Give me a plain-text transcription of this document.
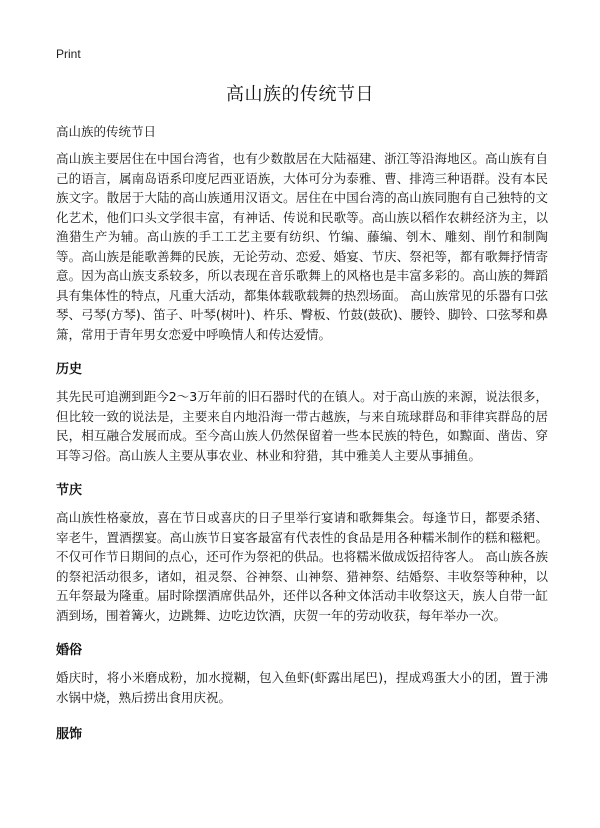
Print
高山族的传统节日
高山族的传统节日

高山族主要居住在中国台湾省，也有少数散居在大陆福建、浙江等沿海地区。高山族有自己的语言，属南岛语系印度尼西亚语族，大体可分为泰雅、曹、排湾三种语群。没有本民族文字。散居于大陆的高山族通用汉语文。居住在中国台湾的高山族同胞有自己独特的文化艺术，他们口头文学很丰富，有神话、传说和民歌等。高山族以稻作农耕经济为主，以渔猎生产为辅。高山族的手工工艺主要有纺织、竹编、藤编、刳木、雕刻、削竹和制陶等。高山族是能歌善舞的民族，无论劳动、恋爱、婚宴、节庆、祭祀等，都有歌舞抒情寄意。因为高山族支系较多，所以表现在音乐歌舞上的风格也是丰富多彩的。高山族的舞蹈具有集体性的特点，凡重大活动，都集体载歌载舞的热烈场面。 高山族常见的乐器有口弦琴、弓琴(方琴)、笛子、叶琴(树叶)、杵乐、臀板、竹鼓(鼓砍)、腰铃、脚铃、口弦琴和鼻箫，常用于青年男女恋爱中呼唤情人和传达爱情。

历史

其先民可追溯到距今2～3万年前的旧石器时代的在镇人。对于高山族的来源，说法很多，但比较一致的说法是，主要来自内地沿海一带古越族，与来自琉球群岛和菲律宾群岛的居民，相互融合发展而成。至今高山族人仍然保留着一些本民族的特色，如黥面、凿齿、穿耳等习俗。高山族人主要从事农业、林业和狩猎，其中雅美人主要从事捕鱼。

节庆

高山族性格豪放，喜在节日或喜庆的日子里举行宴请和歌舞集会。每逢节日，都要杀猪、宰老牛，置酒摆宴。高山族节日宴客最富有代表性的食品是用各种糯米制作的糕和糍粑。不仅可作节日期间的点心，还可作为祭祀的供品。也将糯米做成饭招待客人。 高山族各族的祭祀活动很多，诸如，祖灵祭、谷神祭、山神祭、猎神祭、结婚祭、丰收祭等种种，以五年祭最为隆重。届时除摆酒席供品外，还伴以各种文体活动丰收祭这天，族人自带一缸酒到场，围着篝火，边跳舞、边吃边饮酒，庆贺一年的劳动收获，每年举办一次。

婚俗

婚庆时，将小米磨成粉，加水搅糊，包入鱼虾(虾露出尾巴)，捏成鸡蛋大小的团，置于沸水锅中烧，熟后捞出食用庆祝。

服饰
